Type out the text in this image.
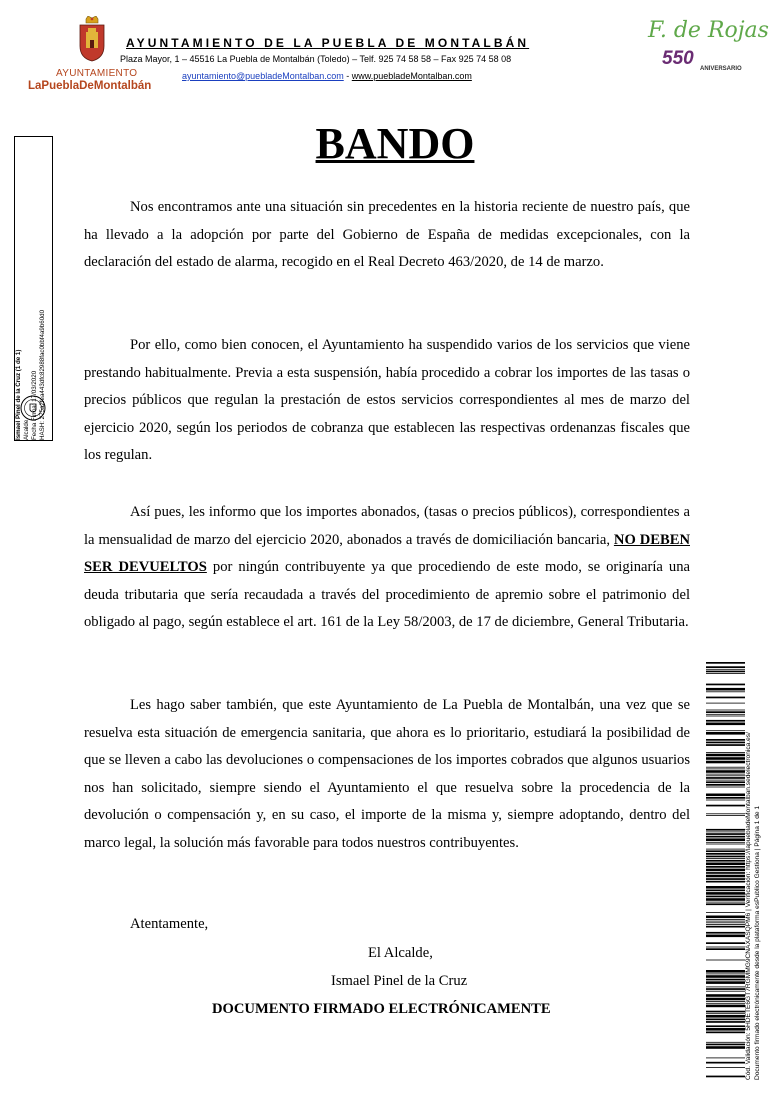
AYUNTAMIENTO
LaPueblaDeMontalbán
AYUNTAMIENTO DE LA PUEBLA DE MONTALBÁN
Plaza Mayor, 1 – 45516 La Puebla de Montalbán (Toledo) – Telf. 925 74 58 58 – Fax 925 74 58 08
ayuntamiento@puebladeMontalban.com - www.puebladeMontalban.com
F. de Rojas
550 ANIVERSARIO
BANDO

Nos encontramos ante una situación sin precedentes en la historia reciente de nuestro país, que ha llevado a la adopción por parte del Gobierno de España de medidas excepcionales, con la declaración del estado de alarma, recogido en el Real Decreto 463/2020, de 14 de marzo.

Por ello, como bien conocen, el Ayuntamiento ha suspendido varios de los servicios que viene prestando habitualmente. Previa a esta suspensión, había procedido a cobrar los importes de las tasas o precios públicos que regulan la prestación de estos servicios correspondientes al mes de marzo del ejercicio 2020, según los periodos de cobranza que establecen las respectivas ordenanzas fiscales que los regulan.

Así pues, les informo que los importes abonados, (tasas o precios públicos), correspondientes a la mensualidad de marzo del ejercicio 2020, abonados a través de domiciliación bancaria, NO DEBEN SER DEVUELTOS por ningún contribuyente ya que procediendo de este modo, se originaría una deuda tributaria que sería recaudada a través del procedimiento de apremio sobre el patrimonio del obligado al pago, según establece el art. 161 de la Ley 58/2003, de 17 de diciembre, General Tributaria.

Les hago saber también, que este Ayuntamiento de La Puebla de Montalbán, una vez que se resuelva esta situación de emergencia sanitaria, que ahora es lo prioritario, estudiará la posibilidad de que se lleven a cabo las devoluciones o compensaciones de los importes cobrados que algunos usuarios nos han solicitado, siempre siendo el Ayuntamiento el que resuelva sobre la procedencia de la devolución o compensación y, en su caso, el importe de la misma y, siempre adoptando, dentro del marco legal, la solución más favorable para todos nuestros contribuyentes.

Atentamente,
El Alcalde,
Ismael Pinel de la Cruz
DOCUMENTO FIRMADO ELECTRÓNICAMENTE
Ismael Pinel de la Cruz (1 de 1) Alcalde Fecha Firma: 17/03/2020 HASH: 275a2fea443dfc82988fac0bbf4a9b60d0
Cód. Validación: 5HDETE6GT7RGMMG9CNAXASQPM6 | Verificación: https://lapuebladeMontalban.sedelectronica.es/ Documento firmado electrónicamente desde la plataforma esPublico Gestiona | Página 1 de 1
